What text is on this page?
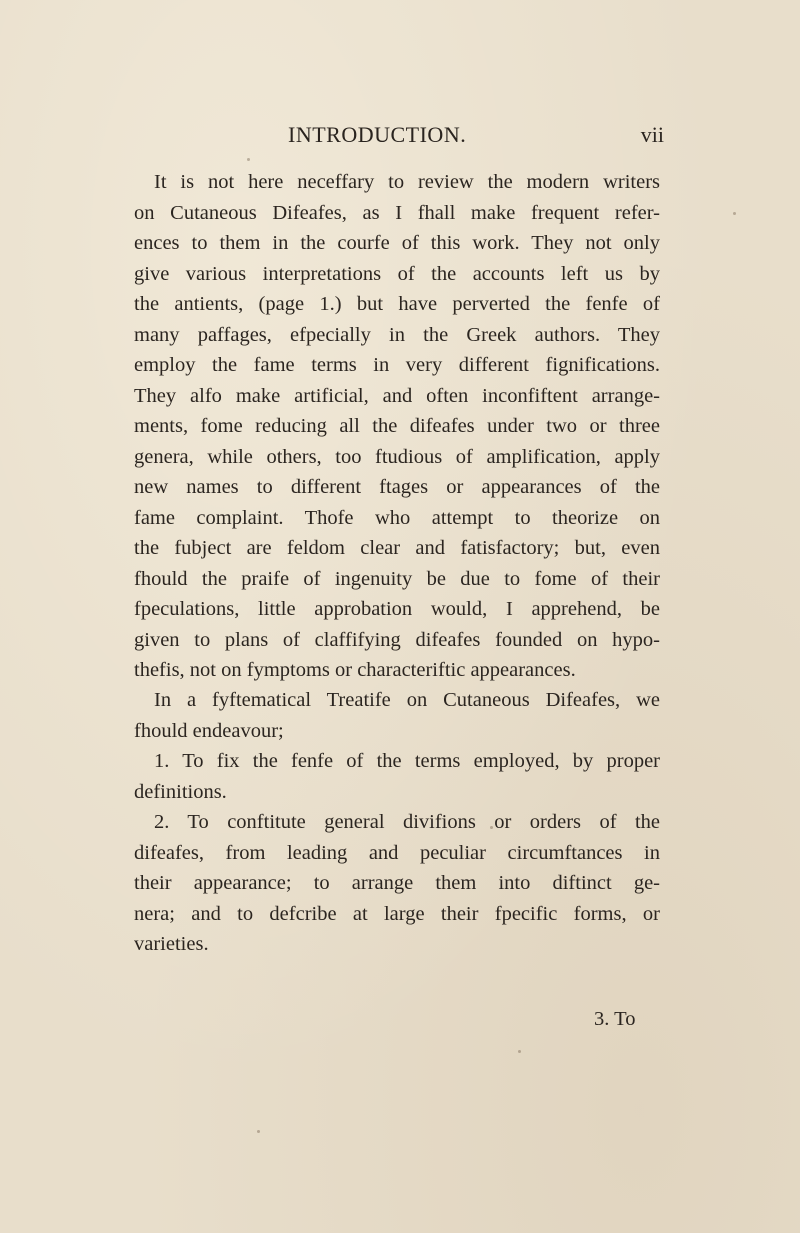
INTRODUCTION.	vii
It is not here neceffary to review the modern writers
on Cutaneous Difeafes, as I fhall make frequent refer-
ences to them in the courfe of this work. They not only
give various interpretations of the accounts left us by
the antients, (page 1.) but have perverted the fenfe of
many paffages, efpecially in the Greek authors. They
employ the fame terms in very different fignifications.
They alfo make artificial, and often inconfiftent arrange-
ments, fome reducing all the difeafes under two or three
genera, while others, too ftudious of amplification, apply
new names to different ftages or appearances of the
fame complaint. Thofe who attempt to theorize on
the fubject are feldom clear and fatisfactory; but, even
fhould the praife of ingenuity be due to fome of their
fpeculations, little approbation would, I apprehend, be
given to plans of claffifying difeafes founded on hypo-
thefis, not on fymptoms or characteriftic appearances.
In a fyftematical Treatife on Cutaneous Difeafes, we
fhould endeavour;
1. To fix the fenfe of the terms employed, by proper
definitions.
2. To conftitute general divifions or orders of the
difeafes, from leading and peculiar circumftances in
their appearance; to arrange them into diftinct ge-
nera; and to defcribe at large their fpecific forms, or
varieties.
3. To
